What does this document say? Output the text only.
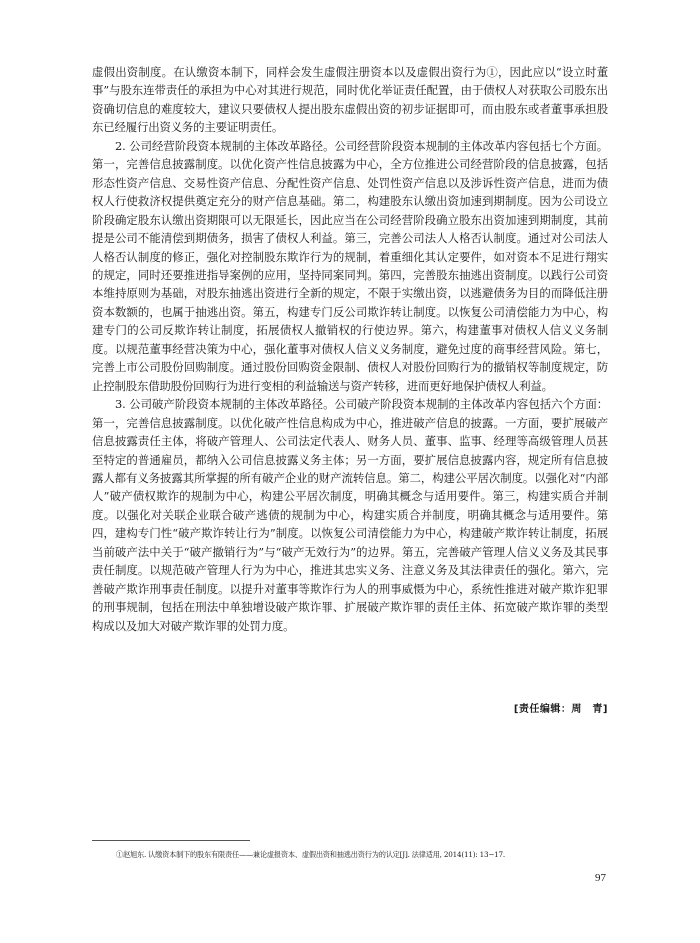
虚假出资制度。在认缴资本制下，同样会发生虚假注册资本以及虚假出资行为①，因此应以“设立时董事”与股东连带责任的承担为中心对其进行规范，同时优化举证责任配置，由于债权人对获取公司股东出资确切信息的难度较大，建议只要债权人提出股东虚假出资的初步证据即可，而由股东或者董事承担股东已经履行出资义务的主要证明责任。

2. 公司经营阶段资本规制的主体改革路径。公司经营阶段资本规制的主体改革内容包括七个方面。第一，完善信息披露制度。以优化资产性信息披露为中心，全方位推进公司经营阶段的信息披露，包括形态性资产信息、交易性资产信息、分配性资产信息、处罚性资产信息以及涉诉性资产信息，进而为债权人行使救济权提供奠定充分的财产信息基础。第二，构建股东认缴出资加速到期制度。因为公司设立阶段确定股东认缴出资期限可以无限延长，因此应当在公司经营阶段确立股东出资加速到期制度，其前提是公司不能清偿到期债务，损害了债权人利益。第三，完善公司法人人格否认制度。通过对公司法人人格否认制度的修正，强化对控制股东欺诈行为的规制，着重细化其认定要件，如对资本不足进行翔实的规定，同时还要推进指导案例的应用，坚持同案同判。第四，完善股东抽逃出资制度。以践行公司资本维持原则为基础，对股东抽逃出资进行全新的规定，不限于实缴出资，以逃避债务为目的而降低注册资本数额的，也属于抽逃出资。第五，构建专门反公司欺诈转让制度。以恢复公司清偿能力为中心，构建专门的公司反欺诈转让制度，拓展债权人撤销权的行使边界。第六，构建董事对债权人信义义务制度。以规范董事经营决策为中心，强化董事对债权人信义义务制度，避免过度的商事经营风险。第七，完善上市公司股份回购制度。通过股份回购资金限制、债权人对股份回购行为的撤销权等制度规定，防止控制股东借助股份回购行为进行变相的利益输送与资产转移，进而更好地保护债权人利益。

3. 公司破产阶段资本规制的主体改革路径。公司破产阶段资本规制的主体改革内容包括六个方面：第一，完善信息披露制度。以优化破产性信息构成为中心，推进破产信息的披露。一方面，要扩展破产信息披露责任主体，将破产管理人、公司法定代表人、财务人员、董事、监事、经理等高级管理人员甚至特定的普通雇员，都纳入公司信息披露义务主体；另一方面，要扩展信息披露内容，规定所有信息披露人都有义务披露其所掌握的所有破产企业的财产流转信息。第二，构建公平居次制度。以强化对“内部人”破产债权欺诈的规制为中心，构建公平居次制度，明确其概念与适用要件。第三，构建实质合并制度。以强化对关联企业联合破产逃债的规制为中心，构建实质合并制度，明确其概念与适用要件。第四，建构专门性“破产欺诈转让行为”制度。以恢复公司清偿能力为中心，构建破产欺诈转让制度，拓展当前破产法中关于“破产撤销行为”与“破产无效行为”的边界。第五，完善破产管理人信义义务及其民事责任制度。以规范破产管理人行为为中心，推进其忠实义务、注意义务及其法律责任的强化。第六，完善破产欺诈刑事责任制度。以提升对董事等欺诈行为人的刑事威慑为中心，系统性推进对破产欺诈犯罪的刑事规制，包括在刑法中单独增设破产欺诈罪、扩展破产欺诈罪的责任主体、拓宽破产欺诈罪的类型构成以及加大对破产欺诈罪的处罚力度。

[责任编辑：周　青]
①赵旭东. 认缴资本制下的股东有限责任——兼论虚报资本、虚假出资和抽逃出资行为的认定[J]. 法律适用, 2014(11): 13−17.
97
